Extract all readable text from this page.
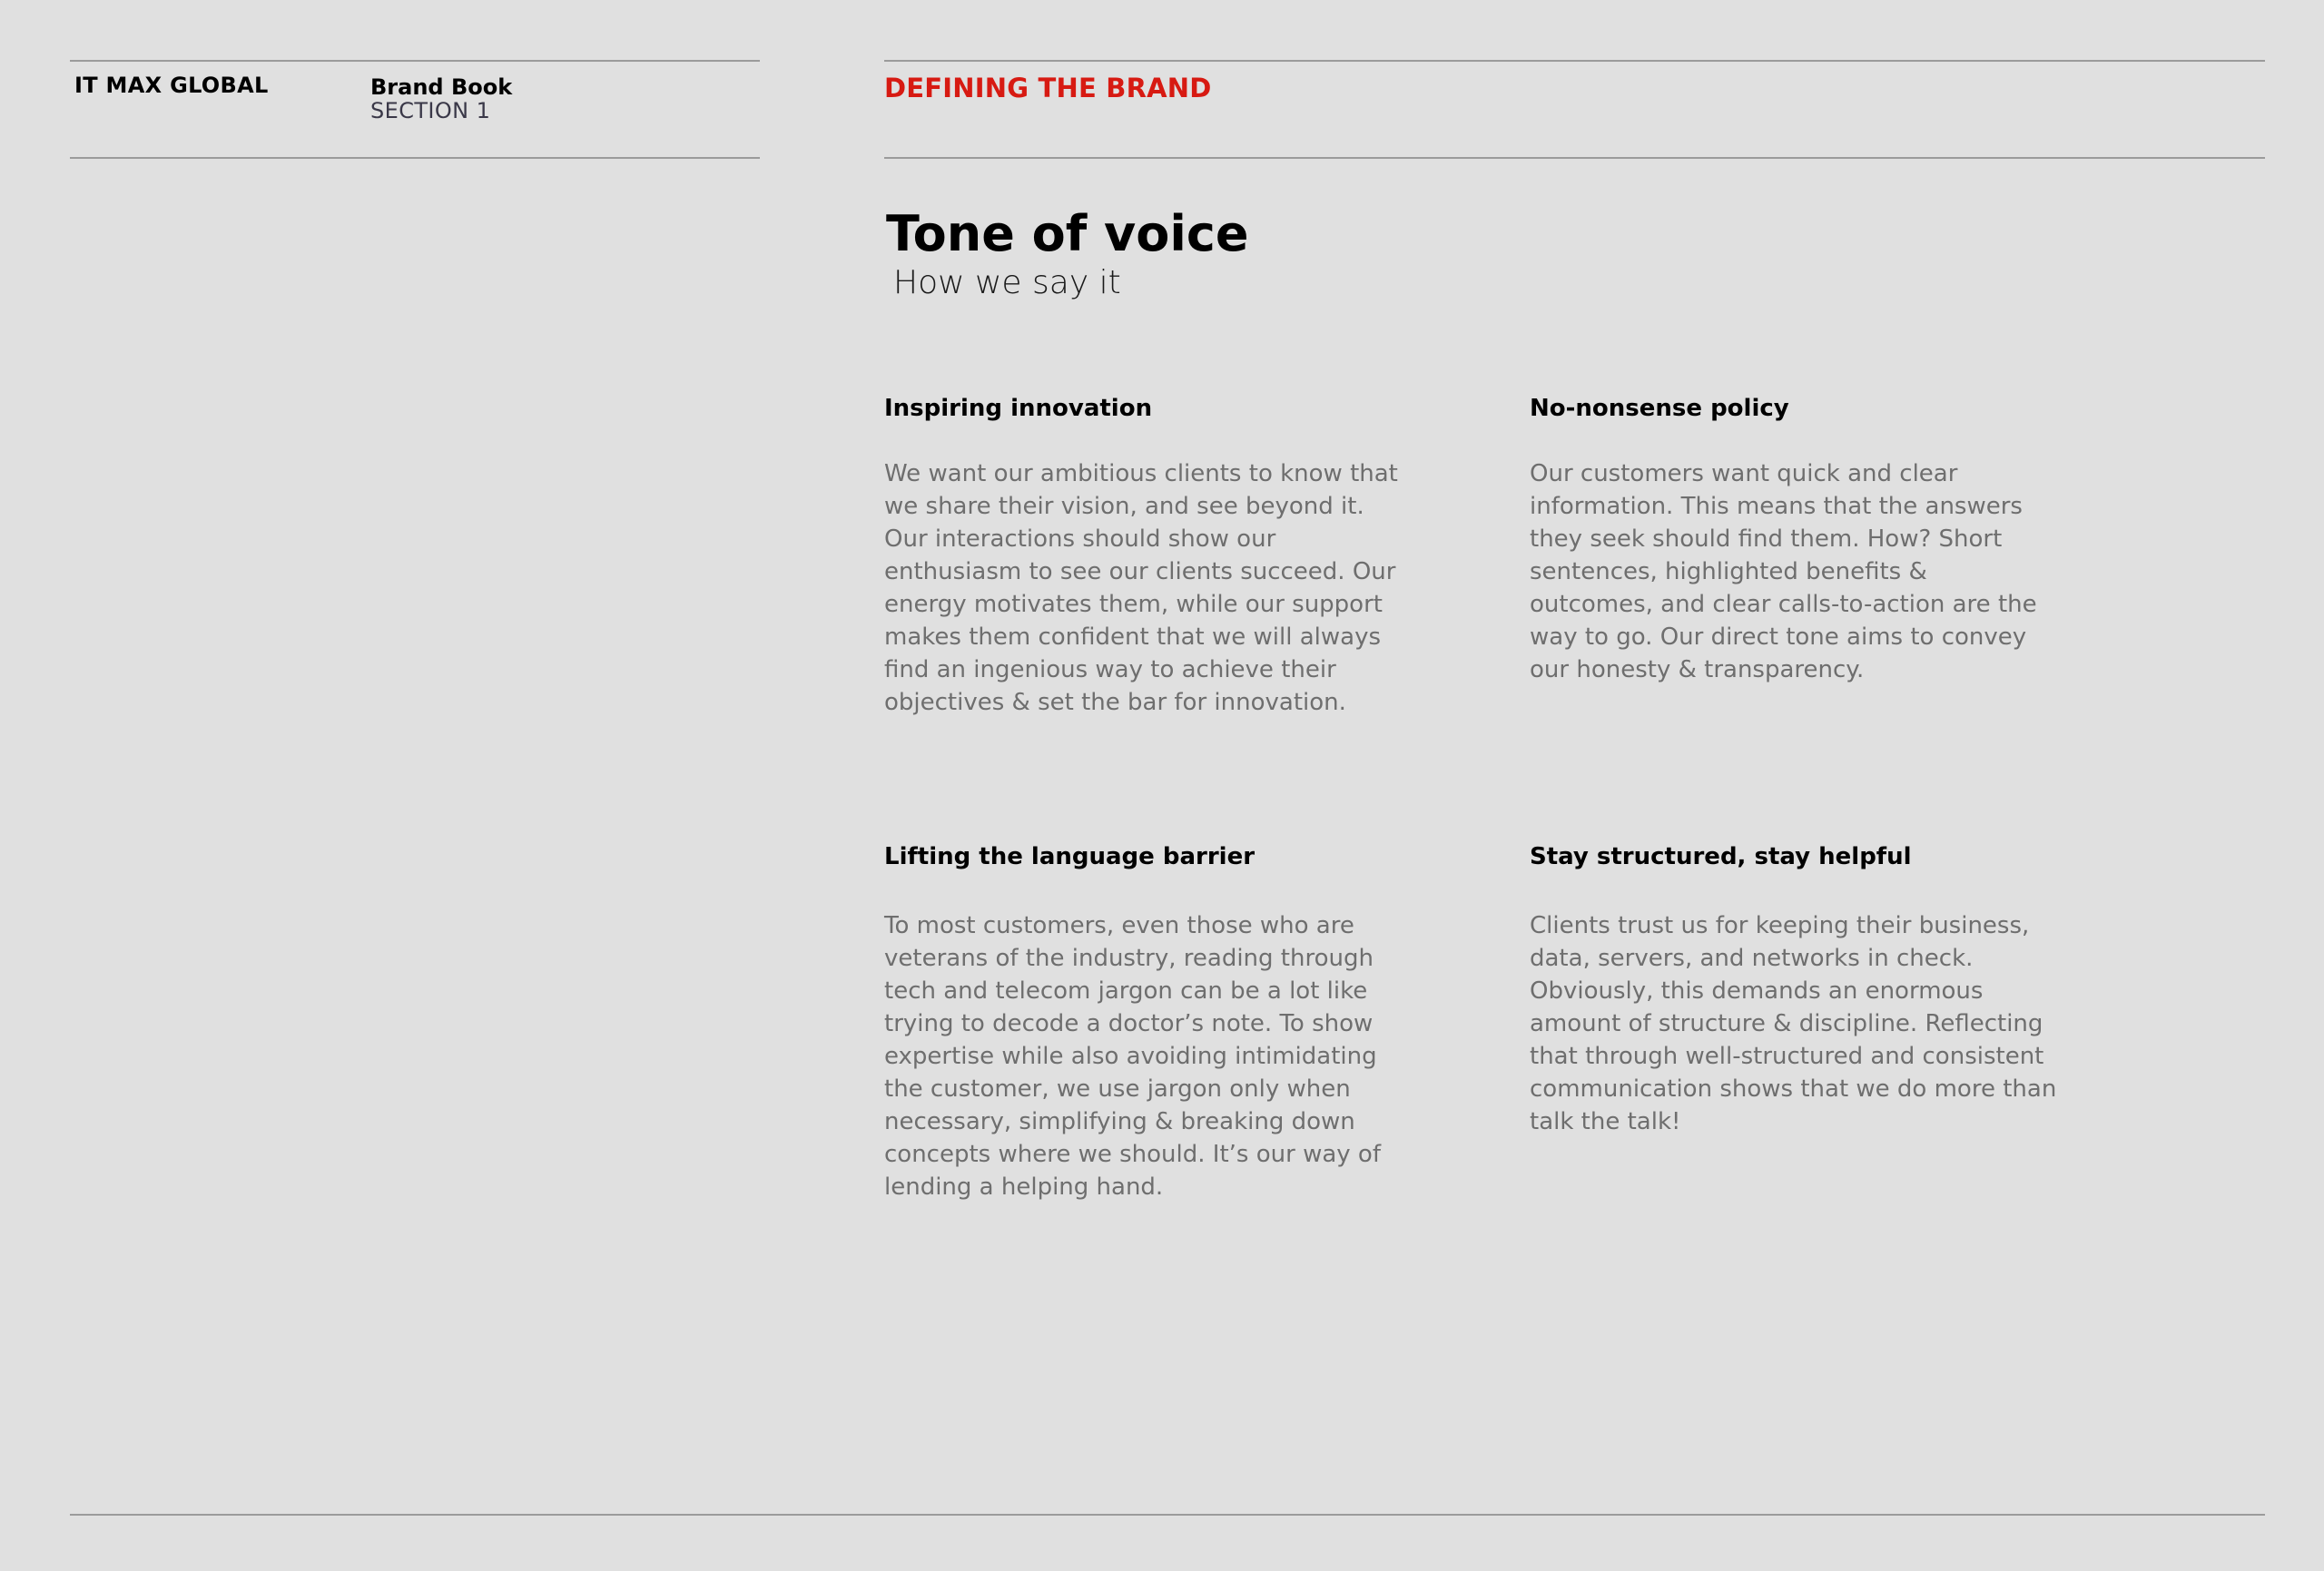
IT MAX GLOBAL	Brand Book
SECTION 1
DEFINING THE BRAND
Tone of voice
How we say it
Inspiring innovation

We want our ambitious clients to know that we share their vision, and see beyond it. Our interactions should show our enthusiasm to see our clients succeed. Our energy motivates them, while our support makes them confident that we will always find an ingenious way to achieve their objectives & set the bar for innovation.

No-nonsense policy

Our customers want quick and clear information. This means that the answers they seek should find them. How? Short sentences, highlighted benefits & outcomes, and clear calls-to-action are the way to go. Our direct tone aims to convey our honesty & transparency.

Lifting the language barrier

To most customers, even those who are veterans of the industry, reading through tech and telecom jargon can be a lot like trying to decode a doctor’s note. To show expertise while also avoiding intimidating the customer, we use jargon only when necessary, simplifying & breaking down concepts where we should. It’s our way of lending a helping hand.

Stay structured, stay helpful

Clients trust us for keeping their business, data, servers, and networks in check. Obviously, this demands an enormous amount of structure & discipline. Reflecting that through well-structured and consistent communication shows that we do more than talk the talk!
